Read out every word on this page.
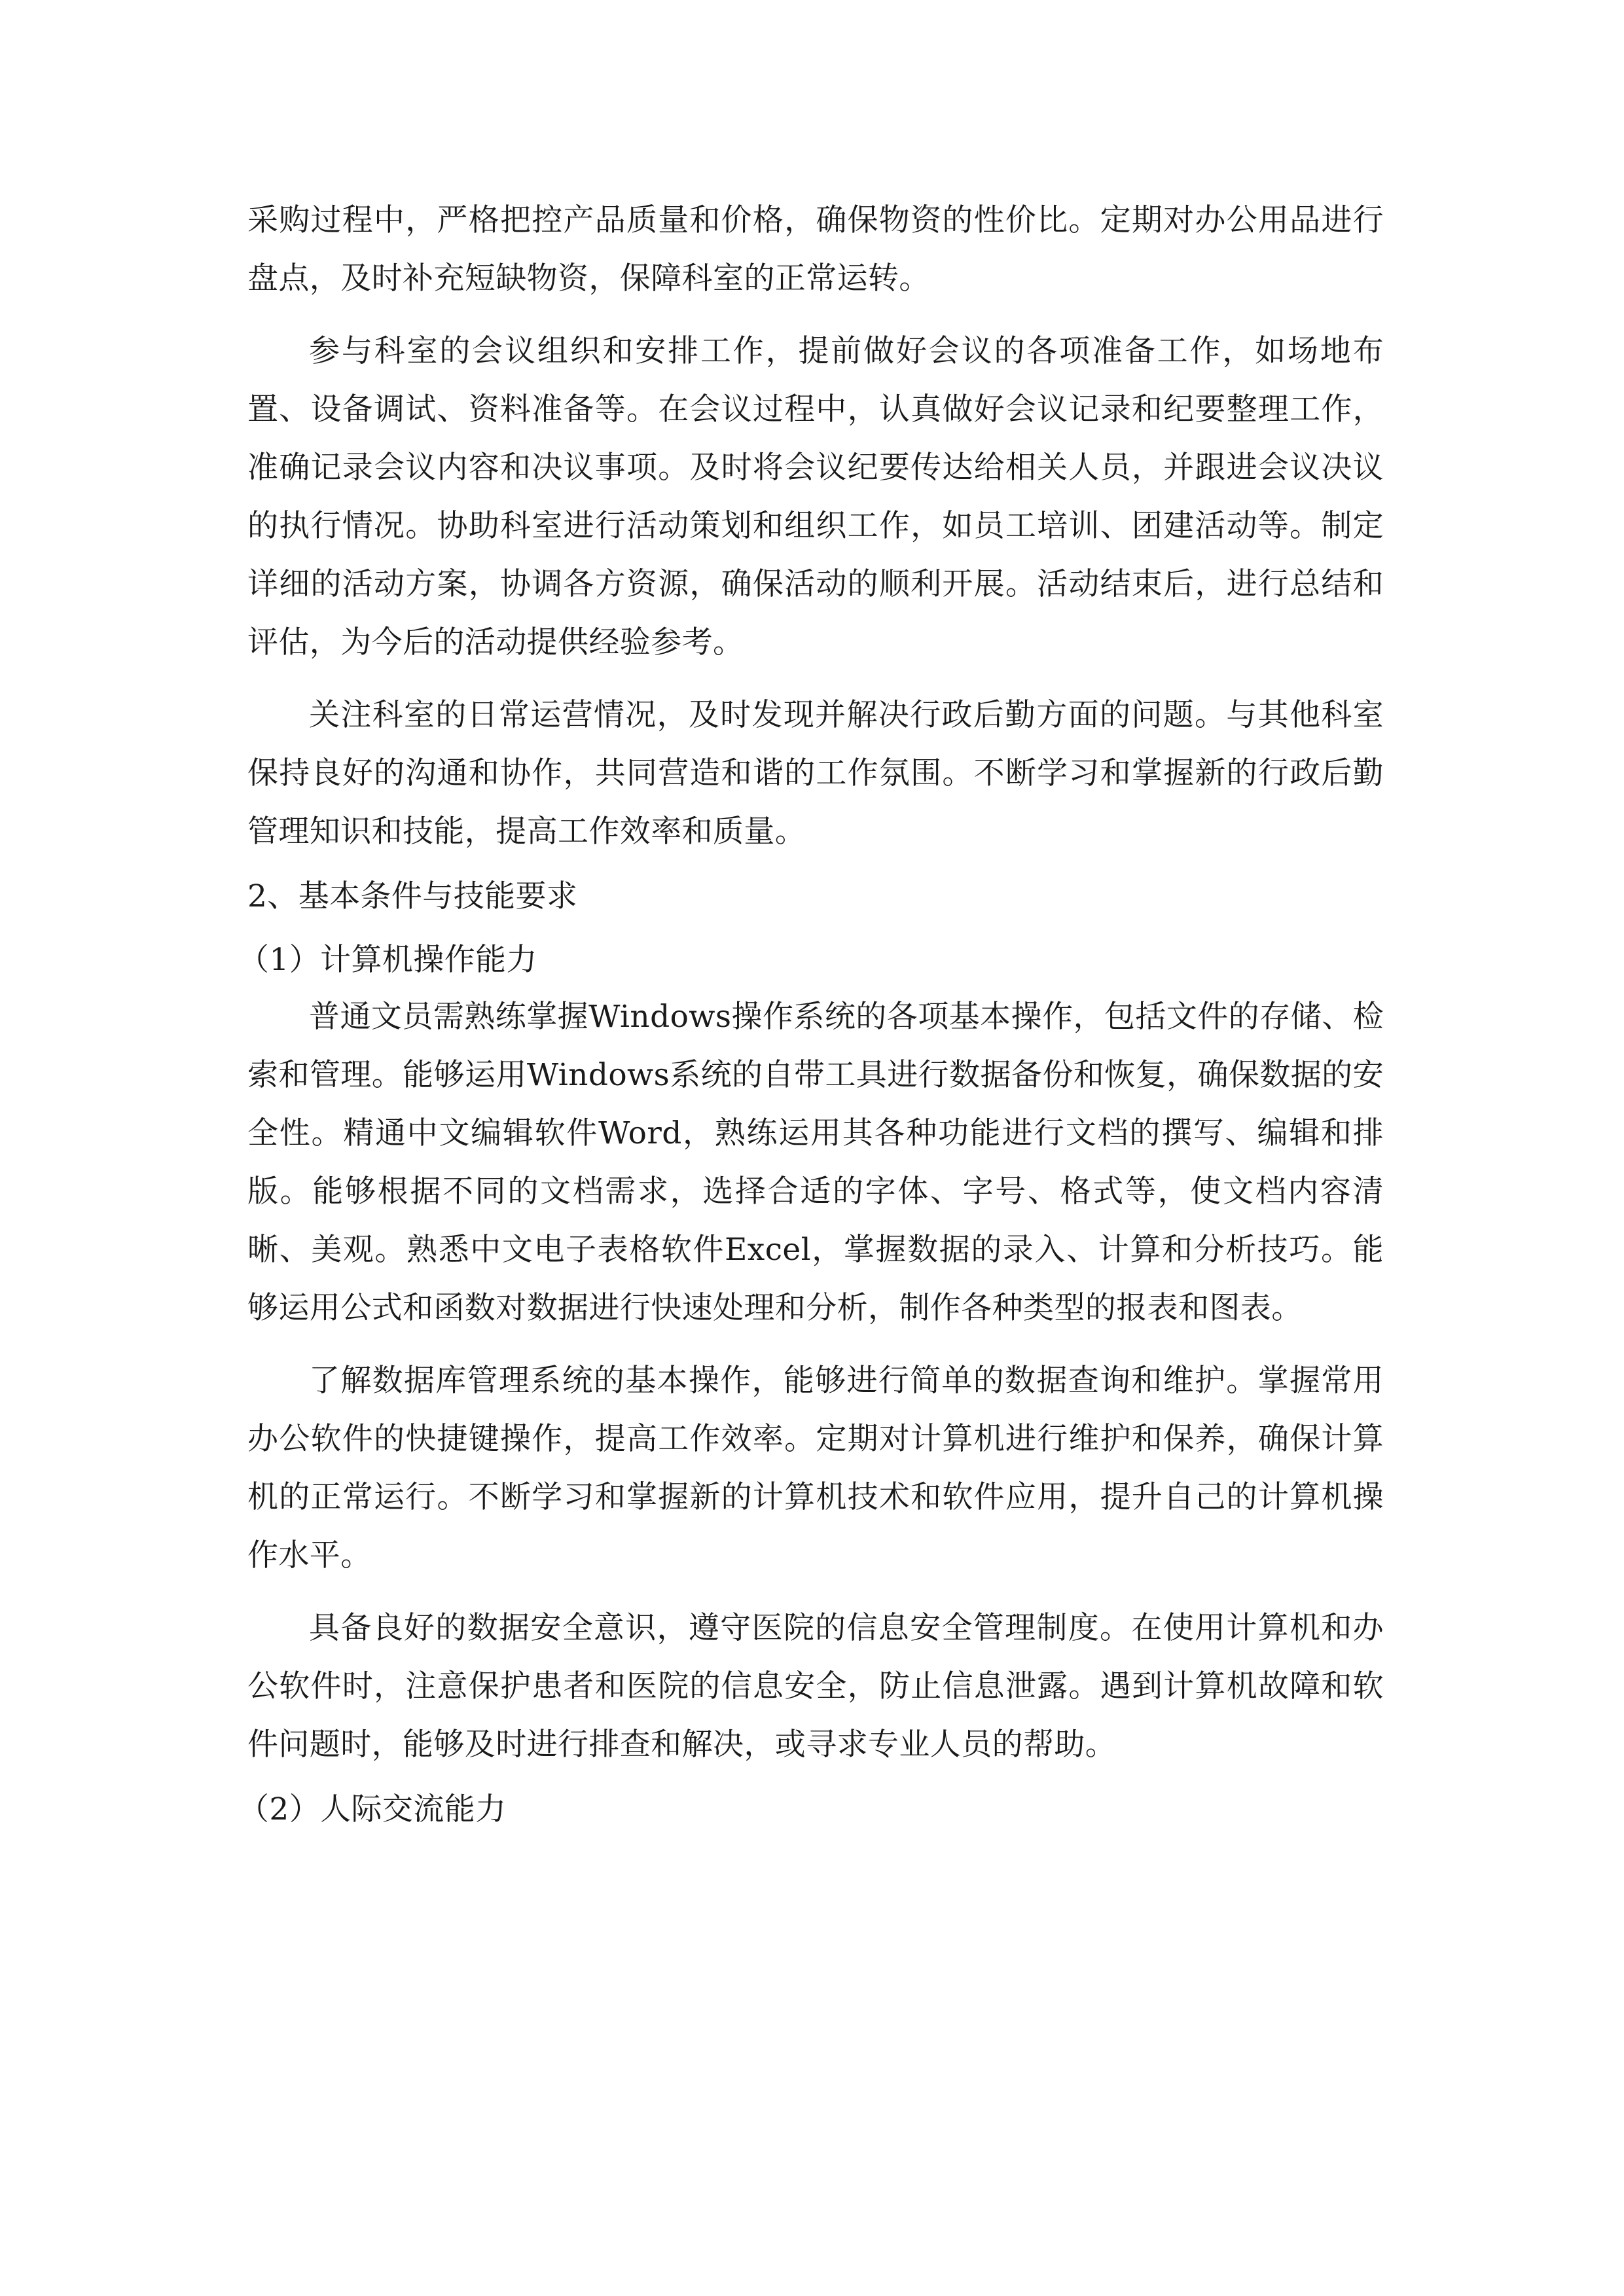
采购过程中，严格把控产品质量和价格，确保物资的性价比。定期对办公用品进行盘点，及时补充短缺物资，保障科室的正常运转。

参与科室的会议组织和安排工作，提前做好会议的各项准备工作，如场地布置、设备调试、资料准备等。在会议过程中，认真做好会议记录和纪要整理工作，准确记录会议内容和决议事项。及时将会议纪要传达给相关人员，并跟进会议决议的执行情况。协助科室进行活动策划和组织工作，如员工培训、团建活动等。制定详细的活动方案，协调各方资源，确保活动的顺利开展。活动结束后，进行总结和评估，为今后的活动提供经验参考。

关注科室的日常运营情况，及时发现并解决行政后勤方面的问题。与其他科室保持良好的沟通和协作，共同营造和谐的工作氛围。不断学习和掌握新的行政后勤管理知识和技能，提高工作效率和质量。

2、基本条件与技能要求

（1）计算机操作能力

普通文员需熟练掌握Windows操作系统的各项基本操作，包括文件的存储、检索和管理。能够运用Windows系统的自带工具进行数据备份和恢复，确保数据的安全性。精通中文编辑软件Word，熟练运用其各种功能进行文档的撰写、编辑和排版。能够根据不同的文档需求，选择合适的字体、字号、格式等，使文档内容清晰、美观。熟悉中文电子表格软件Excel，掌握数据的录入、计算和分析技巧。能够运用公式和函数对数据进行快速处理和分析，制作各种类型的报表和图表。

了解数据库管理系统的基本操作，能够进行简单的数据查询和维护。掌握常用办公软件的快捷键操作，提高工作效率。定期对计算机进行维护和保养，确保计算机的正常运行。不断学习和掌握新的计算机技术和软件应用，提升自己的计算机操作水平。

具备良好的数据安全意识，遵守医院的信息安全管理制度。在使用计算机和办公软件时，注意保护患者和医院的信息安全，防止信息泄露。遇到计算机故障和软件问题时，能够及时进行排查和解决，或寻求专业人员的帮助。

（2）人际交流能力
